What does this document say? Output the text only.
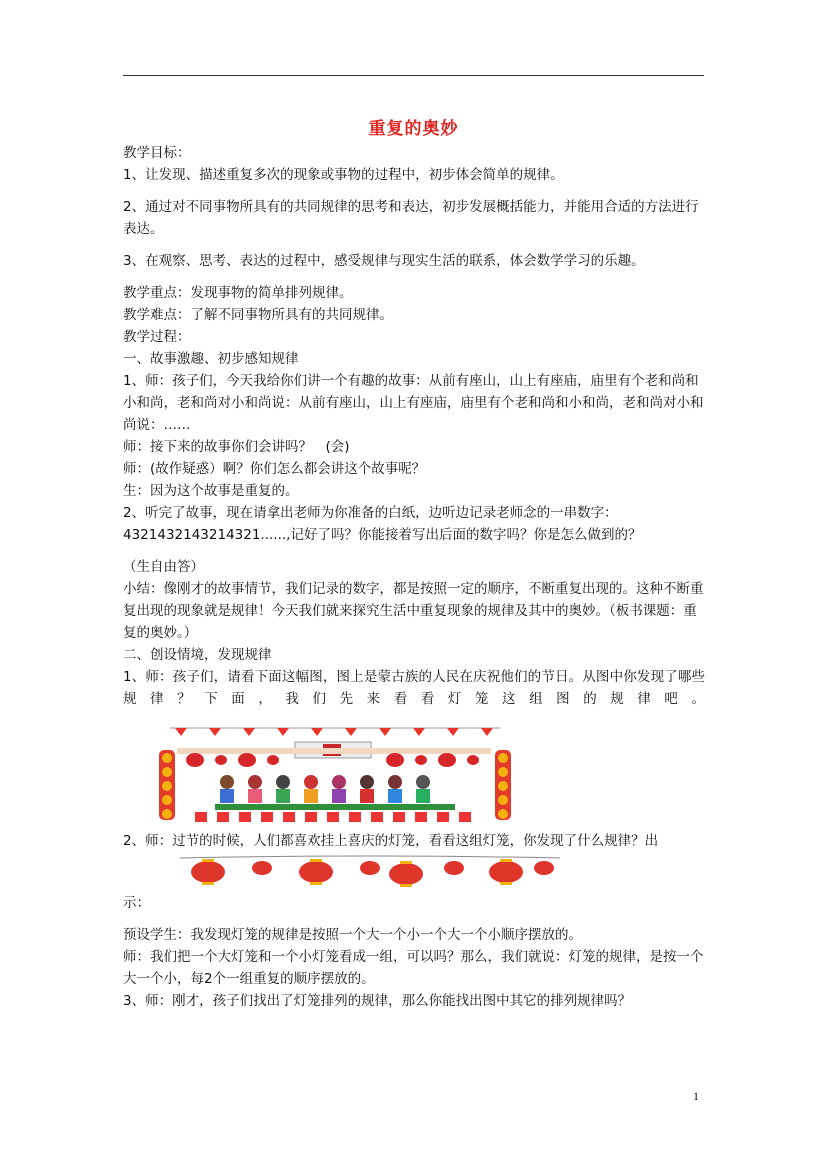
重复的奥妙

教学目标：

1、让发现、描述重复多次的现象或事物的过程中，初步体会简单的规律。

2、通过对不同事物所具有的共同规律的思考和表达，初步发展概括能力，并能用合适的方法进行表达。

3、在观察、思考、表达的过程中，感受规律与现实生活的联系，体会数学学习的乐趣。

教学重点：发现事物的简单排列规律。

教学难点：了解不同事物所具有的共同规律。

教学过程：

一、故事激趣、初步感知规律

1、师：孩子们，今天我给你们讲一个有趣的故事：从前有座山，山上有座庙，庙里有个老和尚和小和尚，老和尚对小和尚说：从前有座山，山上有座庙，庙里有个老和尚和小和尚，老和尚对小和尚说：……

师：接下来的故事你们会讲吗？　(会)

师：(故作疑惑）啊？你们怎么都会讲这个故事呢？

生：因为这个故事是重复的。

2、听完了故事，现在请拿出老师为你准备的白纸，边听边记录老师念的一串数字：4321432143214321......,记好了吗？你能接着写出后面的数字吗？你是怎么做到的？

（生自由答）

小结：像刚才的故事情节，我们记录的数字，都是按照一定的顺序，不断重复出现的。这种不断重复出现的现象就是规律！今天我们就来探究生活中重复现象的规律及其中的奥妙。（板书课题：重复的奥妙。）

二、创设情境，发现规律

1、师：孩子们，请看下面这幅图，图上是蒙古族的人民在庆祝他们的节日。从图中你发现了哪些规律？下面，我们先来看看灯笼这组图的规律吧。

2、师：过节的时候，人们都喜欢挂上喜庆的灯笼，看看这组灯笼，你发现了什么规律？出

示：

预设学生：我发现灯笼的规律是按照一个大一个小一个大一个小顺序摆放的。

师：我们把一个大灯笼和一个小灯笼看成一组，可以吗？那么，我们就说：灯笼的规律，是按一个大一个小，每2个一组重复的顺序摆放的。

3、师：刚才，孩子们找出了灯笼排列的规律，那么你能找出图中其它的排列规律吗？

1
